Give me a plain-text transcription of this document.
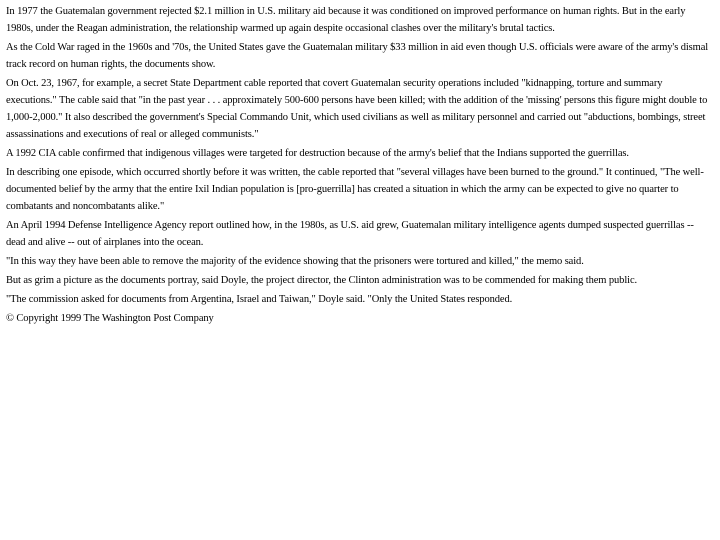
In 1977 the Guatemalan government rejected $2.1 million in U.S. military aid because it was conditioned on improved performance on human rights. But in the early 1980s, under the Reagan administration, the relationship warmed up again despite occasional clashes over the military's brutal tactics.

As the Cold War raged in the 1960s and '70s, the United States gave the Guatemalan military $33 million in aid even though U.S. officials were aware of the army's dismal track record on human rights, the documents show.

On Oct. 23, 1967, for example, a secret State Department cable reported that covert Guatemalan security operations included "kidnapping, torture and summary executions." The cable said that "in the past year . . . approximately 500-600 persons have been killed; with the addition of the 'missing' persons this figure might double to 1,000-2,000." It also described the government's Special Commando Unit, which used civilians as well as military personnel and carried out "abductions, bombings, street assassinations and executions of real or alleged communists."

A 1992 CIA cable confirmed that indigenous villages were targeted for destruction because of the army's belief that the Indians supported the guerrillas.

In describing one episode, which occurred shortly before it was written, the cable reported that "several villages have been burned to the ground." It continued, "The well-documented belief by the army that the entire Ixil Indian population is [pro-guerrilla] has created a situation in which the army can be expected to give no quarter to combatants and noncombatants alike."

An April 1994 Defense Intelligence Agency report outlined how, in the 1980s, as U.S. aid grew, Guatemalan military intelligence agents dumped suspected guerrillas -- dead and alive -- out of airplanes into the ocean.

"In this way they have been able to remove the majority of the evidence showing that the prisoners were tortured and killed," the memo said.

But as grim a picture as the documents portray, said Doyle, the project director, the Clinton administration was to be commended for making them public.

"The commission asked for documents from Argentina, Israel and Taiwan," Doyle said. "Only the United States responded.

© Copyright 1999 The Washington Post Company
